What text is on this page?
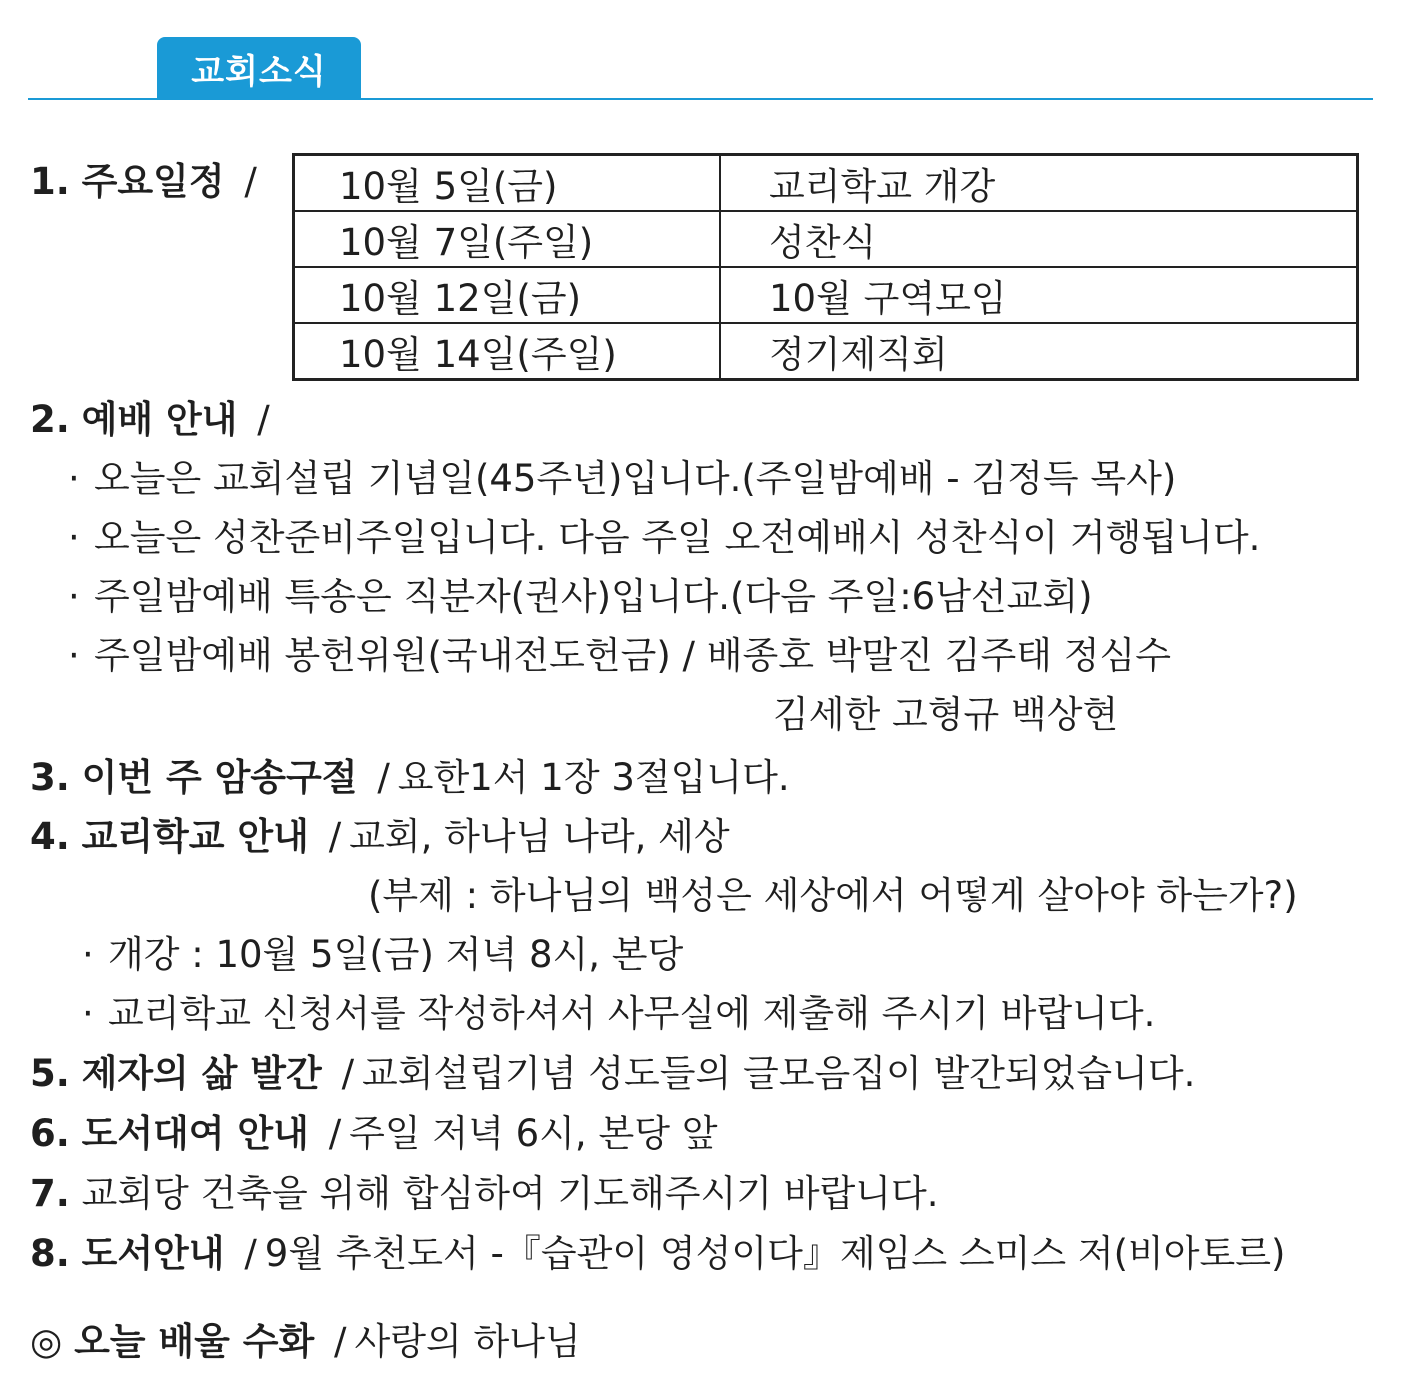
교회소식
1. 주요일정 / 10월 5일(금)	교리학교 개강
10월 7일(주일)	성찬식
10월 12일(금)	10월 구역모임
10월 14일(주일)	정기제직회
2. 예배 안내 /
· 오늘은 교회설립 기념일(45주년)입니다.(주일밤예배 - 김정득 목사)
· 오늘은 성찬준비주일입니다. 다음 주일 오전예배시 성찬식이 거행됩니다.
· 주일밤예배 특송은 직분자(권사)입니다.(다음 주일:6남선교회)
· 주일밤예배 봉헌위원(국내전도헌금) / 배종호 박말진 김주태 정심수
김세한 고형규 백상현
3. 이번 주 암송구절 / 요한1서 1장 3절입니다.
4. 교리학교 안내 / 교회, 하나님 나라, 세상
(부제 : 하나님의 백성은 세상에서 어떻게 살아야 하는가?)
· 개강 : 10월 5일(금) 저녁 8시, 본당
· 교리학교 신청서를 작성하셔서 사무실에 제출해 주시기 바랍니다.
5. 제자의 삶 발간 / 교회설립기념 성도들의 글모음집이 발간되었습니다.
6. 도서대여 안내 / 주일 저녁 6시, 본당 앞
7. 교회당 건축을 위해 합심하여 기도해주시기 바랍니다.
8. 도서안내 / 9월 추천도서 -『습관이 영성이다』제임스 스미스 저(비아토르)
◎ 오늘 배울 수화 / 사랑의 하나님
